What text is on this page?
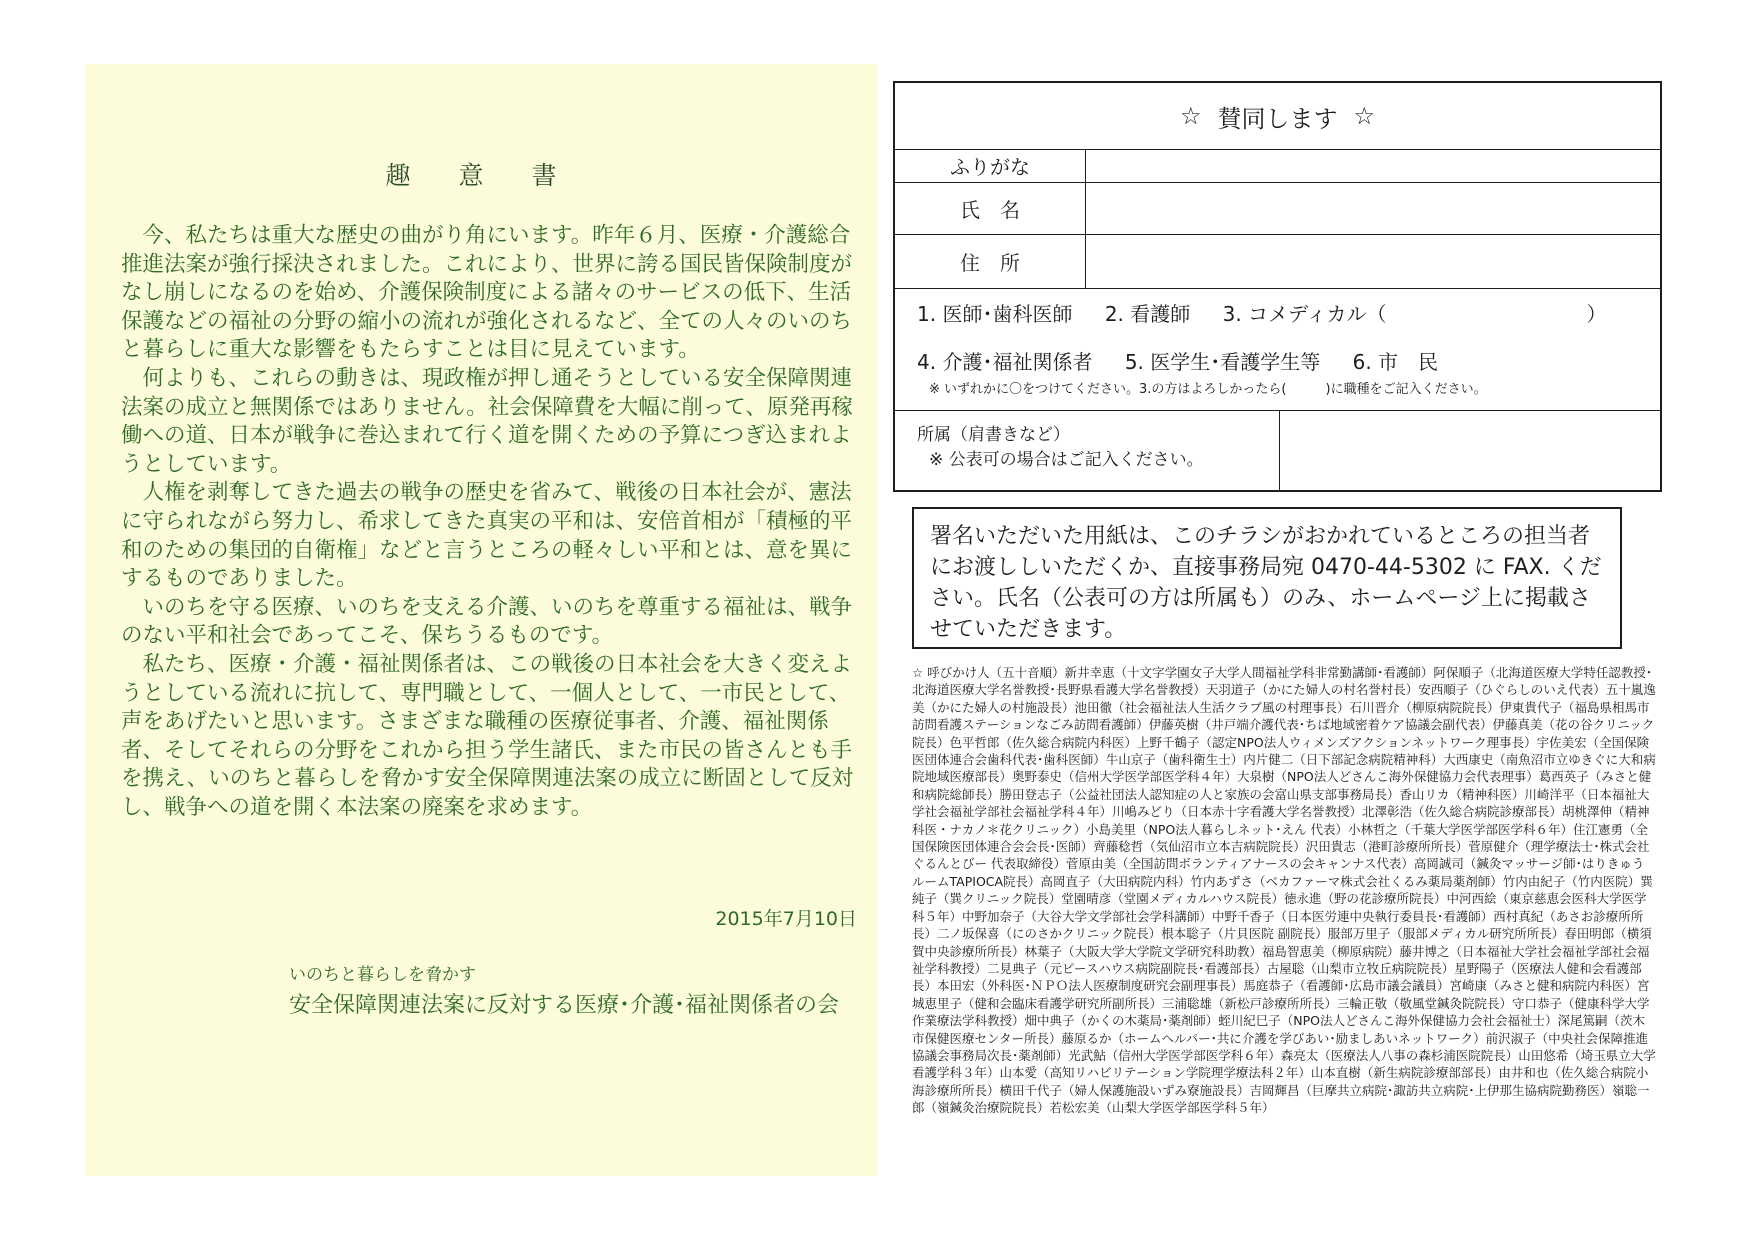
趣 意 書

今、私たちは重大な歴史の曲がり角にいます。昨年６月、医療・介護総合推進法案が強行採決されました。これにより、世界に誇る国民皆保険制度がなし崩しになるのを始め、介護保険制度による諸々のサービスの低下、生活保護などの福祉の分野の縮小の流れが強化されるなど、全ての人々のいのちと暮らしに重大な影響をもたらすことは目に見えています。

何よりも、これらの動きは、現政権が押し通そうとしている安全保障関連法案の成立と無関係ではありません。社会保障費を大幅に削って、原発再稼働への道、日本が戦争に巻込まれて行く道を開くための予算につぎ込まれようとしています。

人権を剥奪してきた過去の戦争の歴史を省みて、戦後の日本社会が、憲法に守られながら努力し、希求してきた真実の平和は、安倍首相が「積極的平和のための集団的自衛権」などと言うところの軽々しい平和とは、意を異にするものでありました。

いのちを守る医療、いのちを支える介護、いのちを尊重する福祉は、戦争のない平和社会であってこそ、保ちうるものです。

私たち、医療・介護・福祉関係者は、この戦後の日本社会を大きく変えようとしている流れに抗して、専門職として、一個人として、一市民として、声をあげたいと思います。さまざまな職種の医療従事者、介護、福祉関係者、そしてそれらの分野をこれから担う学生諸氏、また市民の皆さんとも手を携え、いのちと暮らしを脅かす安全保障関連法案の成立に断固として反対し、戦争への道を開く本法案の廃案を求めます。

2015年7月10日
いのちと暮らしを脅かす
安全保障関連法案に反対する医療･介護･福祉関係者の会
☆ 賛同します ☆
ふりがな
氏　名
住　所
1. 医師･歯科医師 2. 看護師 3. コメディカル（　　　　　　　　　　）
4. 介護･福祉関係者 5. 医学生･看護学生等 6. 市　民
※ いずれかに〇をつけてください。3.の方はよろしかったら(　　　)に職種をご記入ください。
所属（肩書きなど）
※ 公表可の場合はご記入ください。
署名いただいた用紙は、このチラシがおかれているところの担当者にお渡ししいただくか、直接事務局宛 0470-44-5302 に FAX. ください。氏名（公表可の方は所属も）のみ、ホームページ上に掲載させていただきます。
☆ 呼びかけ人（五十音順）新井幸恵（十文字学園女子大学人間福祉学科非常勤講師･看護師）阿保順子（北海道医療大学特任認教授･北海道医療大学名誉教授･長野県看護大学名誉教授）天羽道子（かにた婦人の村名誉村長）安西順子（ひぐらしのいえ代表）五十嵐逸美（かにた婦人の村施設長）池田徹（社会福祉法人生活クラブ風の村理事長）石川晋介（柳原病院院長）伊東貴代子（福島県相馬市 訪問看護ステーションなごみ訪問看護師）伊藤英樹（井戸端介護代表･ちば地域密着ケア協議会副代表）伊藤真美（花の谷クリニック院長）色平哲郎（佐久総合病院内科医）上野千鶴子（認定NPO法人ウィメンズアクションネットワーク理事長）宇佐美宏（全国保険医団体連合会歯科代表･歯科医師）牛山京子（歯科衛生士）内片健二（日下部記念病院精神科）大西康史（南魚沼市立ゆきぐに大和病院地域医療部長）奥野泰史（信州大学医学部医学科４年）大泉樹（NPO法人どさんこ海外保健協力会代表理事）葛西英子（みさと健和病院総師長）勝田登志子（公益社団法人認知症の人と家族の会富山県支部事務局長）香山リカ（精神科医）川崎洋平（日本福祉大学社会福祉学部社会福祉学科４年）川嶋みどり（日本赤十字看護大学名誉教授）北澤彰浩（佐久総合病院診療部長）胡桃澤伸（精神科医・ナカノ＊花クリニック）小島美里（NPO法人暮らしネット･えん 代表）小林哲之（千葉大学医学部医学科６年）住江憲勇（全国保険医団体連合会会長･医師）齊藤稔哲（気仙沼市立本吉病院院長）沢田貴志（港町診療所所長）菅原健介（理学療法士･株式会社ぐるんとびー 代表取締役）菅原由美（全国訪問ボランティアナースの会キャンナス代表）高岡誠司（鍼灸マッサージ師･はりきゅうルームTAPIOCA院長）高岡直子（大田病院内科）竹内あずさ（ベカファーマ株式会社くるみ薬局薬剤師）竹内由紀子（竹内医院）巽純子（巽クリニック院長）堂園晴彦（堂園メディカルハウス院長）徳永進（野の花診療所院長）中河西絵（東京慈恵会医科大学医学科５年）中野加奈子（大谷大学文学部社会学科講師）中野千香子（日本医労連中央執行委員長･看護師）西村真紀（あさお診療所所長）二ノ坂保喜（にのさかクリニック院長）根本聡子（片貝医院 副院長）服部万里子（服部メディカル研究所所長）春田明郎（横須賀中央診療所所長）林葉子（大阪大学大学院文学研究科助教）福島智恵美（柳原病院）藤井博之（日本福祉大学社会福祉学部社会福祉学科教授）二見典子（元ピースハウス病院副院長･看護部長）古屋聡（山梨市立牧丘病院院長）星野陽子（医療法人健和会看護部長）本田宏（外科医･ＮＰＯ法人医療制度研究会副理事長）馬庭恭子（看護師･広島市議会議員）宮崎康（みさと健和病院内科医）宮城恵里子（健和会臨床看護学研究所副所長）三浦聡雄（新松戸診療所所長）三輪正敬（敬風堂鍼灸院院長）守口恭子（健康科学大学作業療法学科教授）畑中典子（かくの木薬局･薬剤師）蛭川紀巳子（NPO法人どさんこ海外保健協力会社会福祉士）深尾篤嗣（茨木市保健医療センター所長）藤原るか（ホームヘルパー･共に介護を学びあい･励ましあいネットワーク）前沢淑子（中央社会保障推進協議会事務局次長･薬剤師）光武鮎（信州大学医学部医学科６年）森亮太（医療法人八事の森杉浦医院院長）山田悠希（埼玉県立大学看護学科３年）山本愛（高知リハビリテーション学院理学療法科２年）山本直樹（新生病院診療部部長）由井和也（佐久総合病院小海診療所所長）横田千代子（婦人保護施設いずみ寮施設長）吉岡輝昌（巨摩共立病院･諏訪共立病院･上伊那生協病院勤務医）嶺聡一郎（嶺鍼灸治療院院長）若松宏美（山梨大学医学部医学科５年）
